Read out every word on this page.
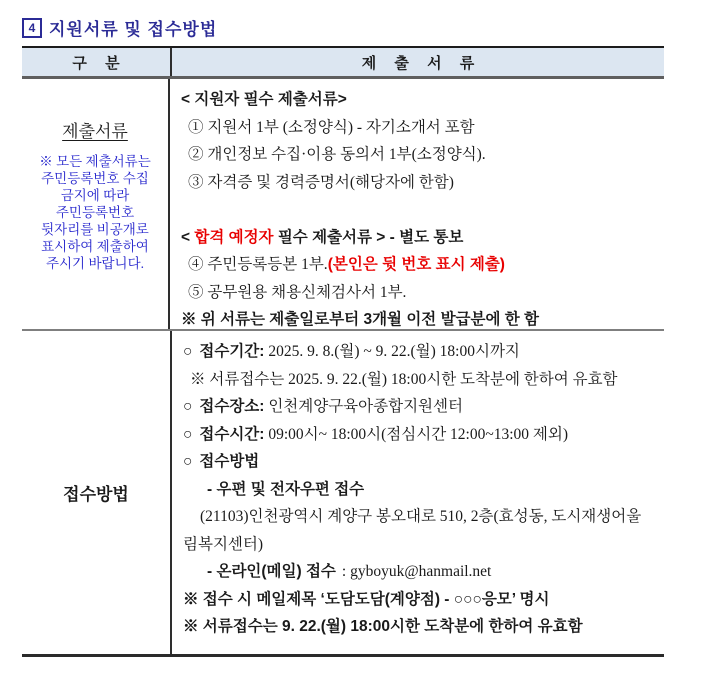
4 지원서류 및 접수방법
구 분	제 출 서 류
제출서류
※ 모든 제출서류는
주민등록번호 수집
금지에 따라
주민등록번호
뒷자리를 비공개로
표시하여 제출하여
주시기 바랍니다.
< 지원자 필수 제출서류>
① 지원서 1부 (소정양식) - 자기소개서 포함
② 개인정보 수집·이용 동의서 1부(소정양식).
③ 자격증 및 경력증명서(해당자에 한함)
< 합격 예정자 필수 제출서류 > - 별도 통보
④ 주민등록등본 1부.(본인은 뒷 번호 표시 제출)
⑤ 공무원용 채용신체검사서 1부.
※ 위 서류는 제출일로부터 3개월 이전 발급분에 한 함
접수방법
○ 접수기간: 2025. 9. 8.(월) ~ 9. 22.(월) 18:00시까지
※ 서류접수는 2025. 9. 22.(월) 18:00시한 도착분에 한하여 유효함
○ 접수장소: 인천계양구육아종합지원센터
○ 접수시간: 09:00시~ 18:00시(점심시간 12:00~13:00 제외)
○ 접수방법
- 우편 및 전자우편 접수

(21103)인천광역시 계양구 봉오대로 510, 2층(효성동, 도시재생어울림복지센터)

- 온라인(메일) 접수 : gyboyuk@hanmail.net
※ 접수 시 메일제목 ‘도담도담(계양점) - ○○○응모’ 명시
※ 서류접수는 9. 22.(월) 18:00시한 도착분에 한하여 유효함
